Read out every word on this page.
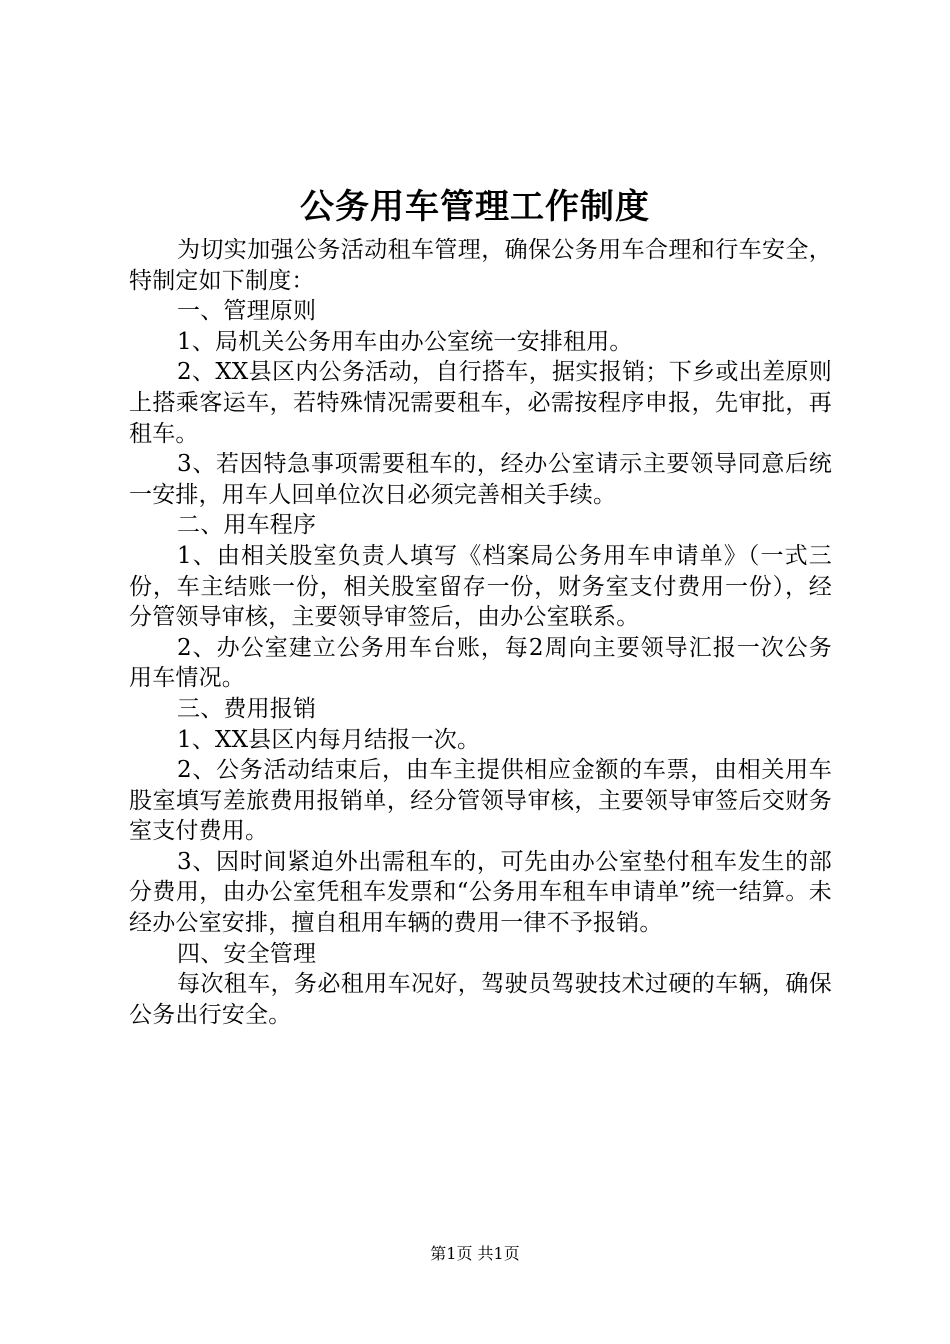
公务用车管理工作制度

为切实加强公务活动租车管理，确保公务用车合理和行车安全，特制定如下制度：

一、管理原则

1、局机关公务用车由办公室统一安排租用。

2、XX县区内公务活动，自行搭车，据实报销；下乡或出差原则上搭乘客运车，若特殊情况需要租车，必需按程序申报，先审批，再租车。

3、若因特急事项需要租车的，经办公室请示主要领导同意后统一安排，用车人回单位次日必须完善相关手续。

二、用车程序

1、由相关股室负责人填写《档案局公务用车申请单》（一式三份，车主结账一份，相关股室留存一份，财务室支付费用一份），经分管领导审核，主要领导审签后，由办公室联系。

2、办公室建立公务用车台账，每2周向主要领导汇报一次公务用车情况。

三、费用报销

1、XX县区内每月结报一次。

2、公务活动结束后，由车主提供相应金额的车票，由相关用车股室填写差旅费用报销单，经分管领导审核，主要领导审签后交财务室支付费用。

3、因时间紧迫外出需租车的，可先由办公室垫付租车发生的部分费用，由办公室凭租车发票和“公务用车租车申请单”统一结算。未经办公室安排，擅自租用车辆的费用一律不予报销。

四、安全管理

每次租车，务必租用车况好，驾驶员驾驶技术过硬的车辆，确保公务出行安全。

第1页 共1页
